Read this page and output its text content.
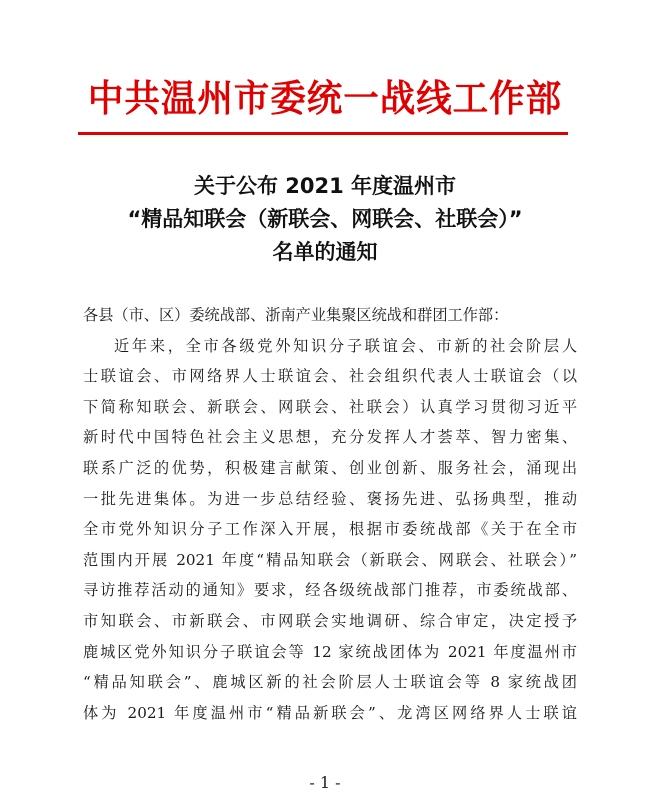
中共温州市委统一战线工作部
关于公布 2021 年度温州市
“精品知联会（新联会、网联会、社联会）”
名单的通知
各县（市、区）委统战部、浙南产业集聚区统战和群团工作部：
近年来，全市各级党外知识分子联谊会、市新的社会阶层人
士联谊会、市网络界人士联谊会、社会组织代表人士联谊会（以
下简称知联会、新联会、网联会、社联会）认真学习贯彻习近平
新时代中国特色社会主义思想，充分发挥人才荟萃、智力密集、
联系广泛的优势，积极建言献策、创业创新、服务社会，涌现出
一批先进集体。为进一步总结经验、褒扬先进、弘扬典型，推动
全市党外知识分子工作深入开展，根据市委统战部《关于在全市
范围内开展 2021 年度“精品知联会（新联会、网联会、社联会）”
寻访推荐活动的通知》要求，经各级统战部门推荐，市委统战部、
市知联会、市新联会、市网联会实地调研、综合审定，决定授予
鹿城区党外知识分子联谊会等 12 家统战团体为 2021 年度温州市
“精品知联会”、鹿城区新的社会阶层人士联谊会等 8 家统战团
体为 2021 年度温州市“精品新联会”、龙湾区网络界人士联谊
- 1 -
